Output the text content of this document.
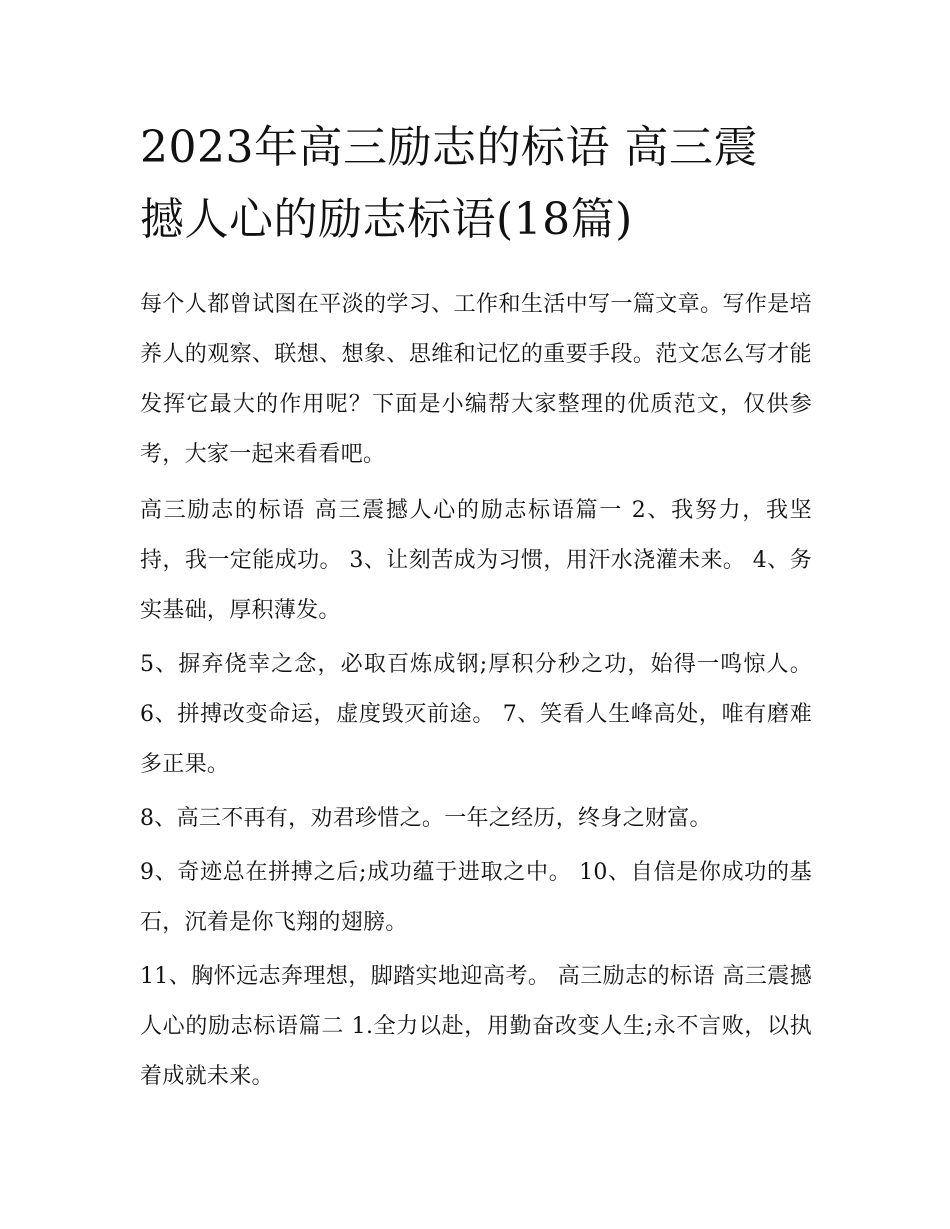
2023年高三励志的标语 高三震撼人心的励志标语(18篇)

每个人都曾试图在平淡的学习、工作和生活中写一篇文章。写作是培养人的观察、联想、想象、思维和记忆的重要手段。范文怎么写才能发挥它最大的作用呢？下面是小编帮大家整理的优质范文，仅供参考，大家一起来看看吧。

高三励志的标语 高三震撼人心的励志标语篇一 2、我努力，我坚持，我一定能成功。 3、让刻苦成为习惯，用汗水浇灌未来。 4、务实基础，厚积薄发。

5、摒弃侥幸之念，必取百炼成钢;厚积分秒之功，始得一鸣惊人。 6、拼搏改变命运，虚度毁灭前途。 7、笑看人生峰高处，唯有磨难多正果。

8、高三不再有，劝君珍惜之。一年之经历，终身之财富。

9、奇迹总在拼搏之后;成功蕴于进取之中。 10、自信是你成功的基石，沉着是你飞翔的翅膀。

11、胸怀远志奔理想，脚踏实地迎高考。 高三励志的标语 高三震撼人心的励志标语篇二 1.全力以赴，用勤奋改变人生;永不言败，以执着成就未来。
